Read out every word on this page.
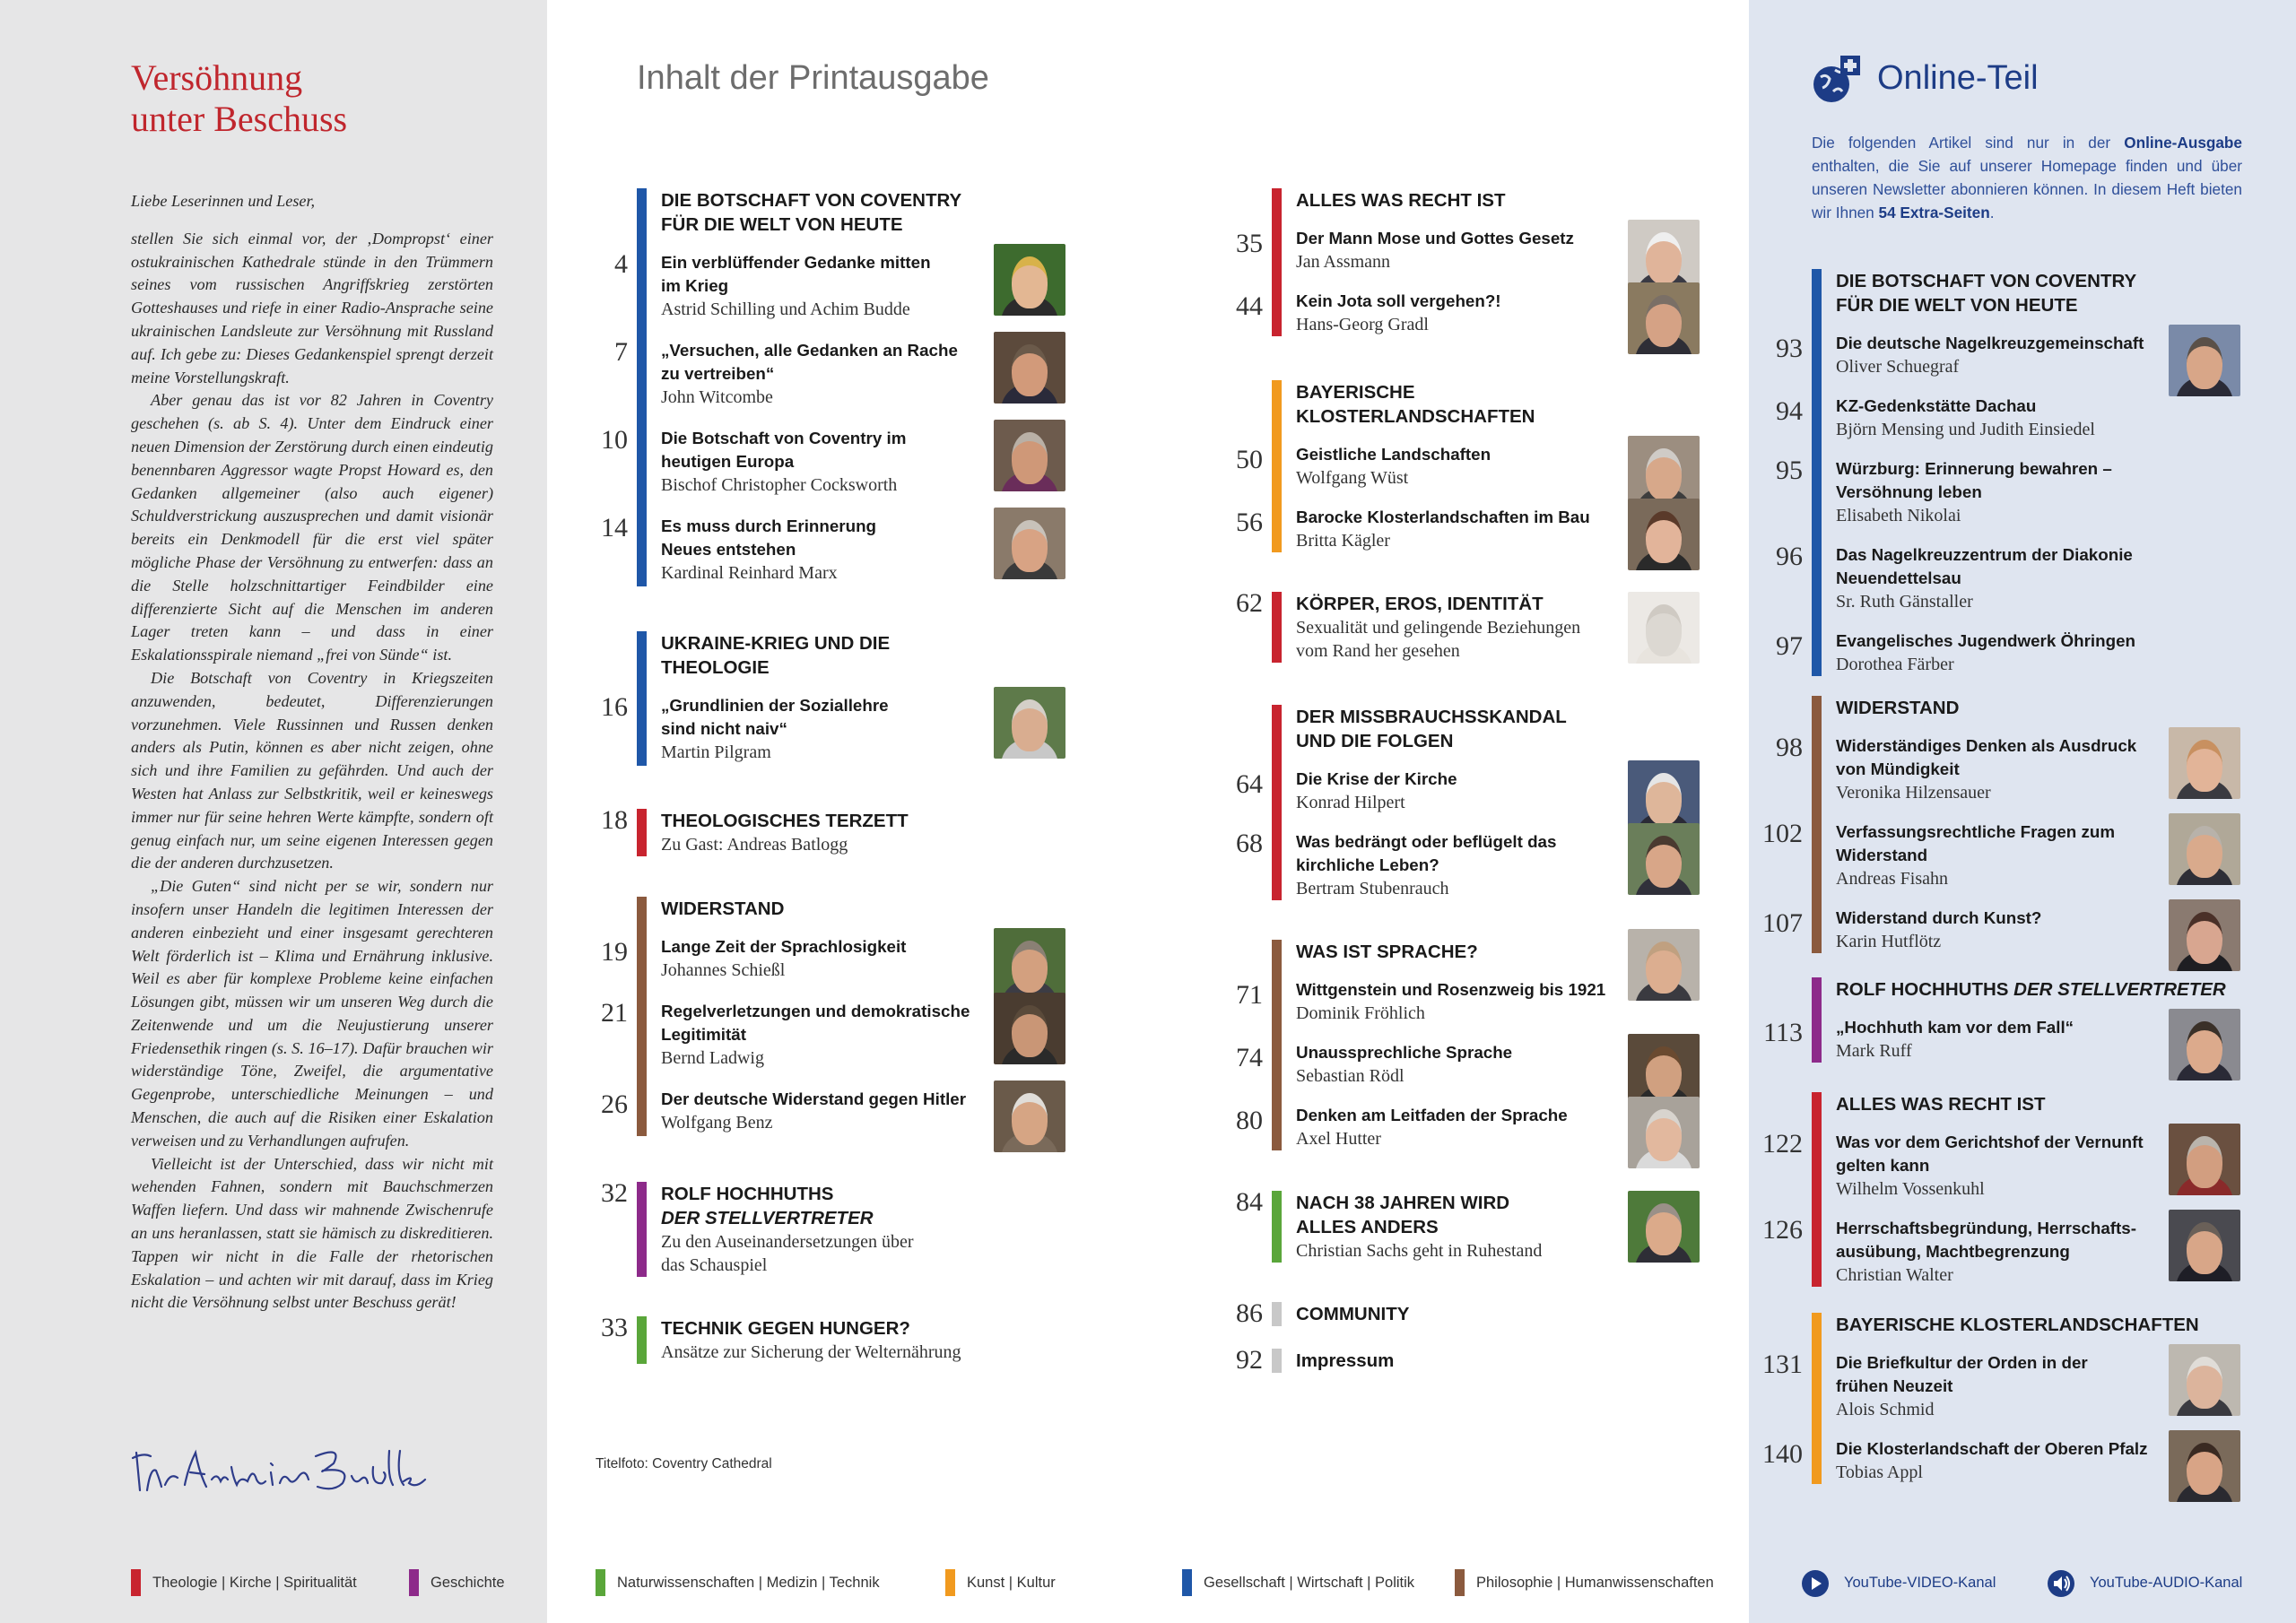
Versöhnung
unter Beschuss

Liebe Leserinnen und Leser,

stellen Sie sich einmal vor, der ‚Dompropst‘ einer ostukrainischen Kathedrale stünde in den Trümmern seines vom russischen Angriffskrieg zerstörten Gotteshauses und riefe in einer Radio-Ansprache seine ukrainischen Landsleute zur Versöhnung mit Russland auf. Ich gebe zu: Dieses Gedankenspiel sprengt derzeit meine Vorstellungskraft.

Aber genau das ist vor 82 Jahren in Coventry geschehen (s. ab S. 4). Unter dem Eindruck einer neuen Dimension der Zerstörung durch einen eindeutig benennbaren Aggressor wagte Propst Howard es, den Gedanken allgemeiner (also auch eigener) Schuldverstrickung auszusprechen und damit visionär bereits ein Denkmodell für die erst viel später mögliche Phase der Versöhnung zu entwerfen: dass an die Stelle holzschnittartiger Feindbilder eine differenzierte Sicht auf die Menschen im anderen Lager treten kann – und dass in einer Eskalationsspirale niemand „frei von Sünde“ ist.

Die Botschaft von Coventry in Kriegszeiten anzuwenden, bedeutet, Differenzierungen vorzunehmen. Viele Russinnen und Russen denken anders als Putin, können es aber nicht zeigen, ohne sich und ihre Familien zu gefährden. Und auch der Westen hat Anlass zur Selbstkritik, weil er keineswegs immer nur für seine hehren Werte kämpfte, sondern oft genug einfach nur, um seine eigenen Interessen gegen die der anderen durchzusetzen.

„Die Guten“ sind nicht per se wir, sondern nur insofern unser Handeln die legitimen Interessen der anderen einbezieht und einer insgesamt gerechteren Welt förderlich ist – Klima und Ernährung inklusive. Weil es aber für komplexe Probleme keine einfachen Lösungen gibt, müssen wir um unseren Weg durch die Zeitenwende und um die Neujustierung unserer Friedensethik ringen (s. S. 16–17). Dafür brauchen wir widerständige Töne, Zweifel, die argumentative Gegenprobe, unterschiedliche Meinungen – und Menschen, die auch auf die Risiken einer Eskalation verweisen und zu Verhandlungen aufrufen.

Vielleicht ist der Unterschied, dass wir nicht mit wehenden Fahnen, sondern mit Bauchschmerzen Waffen liefern. Und dass wir mahnende Zwischenrufe an uns heranlassen, statt sie hämisch zu diskreditieren. Tappen wir nicht in die Falle der rhetorischen Eskalation – und achten wir mit darauf, dass im Krieg nicht die Versöhnung selbst unter Beschuss gerät!

Inhalt der Printausgabe
Titelfoto: Coventry Cathedral
DIE BOTSCHAFT VON COVENTRY
FÜR DIE WELT VON HEUTE
4 Ein verblüffender Gedanke mitten
im Krieg
Astrid Schilling und Achim Budde
7 „Versuchen, alle Gedanken an Rache
zu vertreiben“
John Witcombe
10 Die Botschaft von Coventry im
heutigen Europa
Bischof Christopher Cocksworth
14 Es muss durch Erinnerung
Neues entstehen
Kardinal Reinhard Marx
UKRAINE-KRIEG UND DIE
THEOLOGIE
16 „Grundlinien der Soziallehre
sind nicht naiv“
Martin Pilgram
18 THEOLOGISCHES TERZETT
Zu Gast: Andreas Batlogg
WIDERSTAND
19 Lange Zeit der Sprachlosigkeit
Johannes Schießl
21 Regelverletzungen und demokratische
Legitimität
Bernd Ladwig
26 Der deutsche Widerstand gegen Hitler
Wolfgang Benz
32 ROLF HOCHHUTHS
DER STELLVERTRETER
Zu den Auseinandersetzungen über
das Schauspiel
33 TECHNIK GEGEN HUNGER?
Ansätze zur Sicherung der Welternährung
ALLES WAS RECHT IST
35 Der Mann Mose und Gottes Gesetz
Jan Assmann
44 Kein Jota soll vergehen?!
Hans-Georg Gradl
BAYERISCHE
KLOSTERLANDSCHAFTEN
50 Geistliche Landschaften
Wolfgang Wüst
56 Barocke Klosterlandschaften im Bau
Britta Kägler
62 KÖRPER, EROS, IDENTITÄT
Sexualität und gelingende Beziehungen
vom Rand her gesehen
DER MISSBRAUCHSSKANDAL
UND DIE FOLGEN
64 Die Krise der Kirche
Konrad Hilpert
68 Was bedrängt oder beflügelt das
kirchliche Leben?
Bertram Stubenrauch
WAS IST SPRACHE?
71 Wittgenstein und Rosenzweig bis 1921
Dominik Fröhlich
74 Unaussprechliche Sprache
Sebastian Rödl
80 Denken am Leitfaden der Sprache
Axel Hutter
84 NACH 38 JAHREN WIRD
ALLES ANDERS
Christian Sachs geht in Ruhestand
86 COMMUNITY
92 Impressum
Online-Teil
Die folgenden Artikel sind nur in der Online-Ausgabe enthalten, die Sie auf unserer Homepage finden und über unseren Newsletter abonnieren können. In diesem Heft bieten wir Ihnen 54 Extra-Seiten.
DIE BOTSCHAFT VON COVENTRY
FÜR DIE WELT VON HEUTE
93 Die deutsche Nagelkreuzgemeinschaft
Oliver Schuegraf
94 KZ-Gedenkstätte Dachau
Björn Mensing und Judith Einsiedel
95 Würzburg: Erinnerung bewahren –
Versöhnung leben
Elisabeth Nikolai
96 Das Nagelkreuzzentrum der Diakonie
Neuendettelsau
Sr. Ruth Gänstaller
97 Evangelisches Jugendwerk Öhringen
Dorothea Färber
WIDERSTAND
98 Widerständiges Denken als Ausdruck
von Mündigkeit
Veronika Hilzensauer
102 Verfassungsrechtliche Fragen zum
Widerstand
Andreas Fisahn
107 Widerstand durch Kunst?
Karin Hutflötz
ROLF HOCHHUTHS DER STELLVERTRETER
113 „Hochhuth kam vor dem Fall“
Mark Ruff
ALLES WAS RECHT IST
122 Was vor dem Gerichtshof der Vernunft
gelten kann
Wilhelm Vossenkuhl
126 Herrschaftsbegründung, Herrschafts-
ausübung, Machtbegrenzung
Christian Walter
BAYERISCHE KLOSTERLANDSCHAFTEN
131 Die Briefkultur der Orden in der
frühen Neuzeit
Alois Schmid
140 Die Klosterlandschaft der Oberen Pfalz
Tobias Appl
Theologie | Kirche | Spiritualität	Geschichte	Naturwissenschaften | Medizin | Technik	Kunst | Kultur	Gesellschaft | Wirtschaft | Politik	Philosophie | Humanwissenschaften	YouTube-VIDEO-Kanal	YouTube-AUDIO-Kanal
